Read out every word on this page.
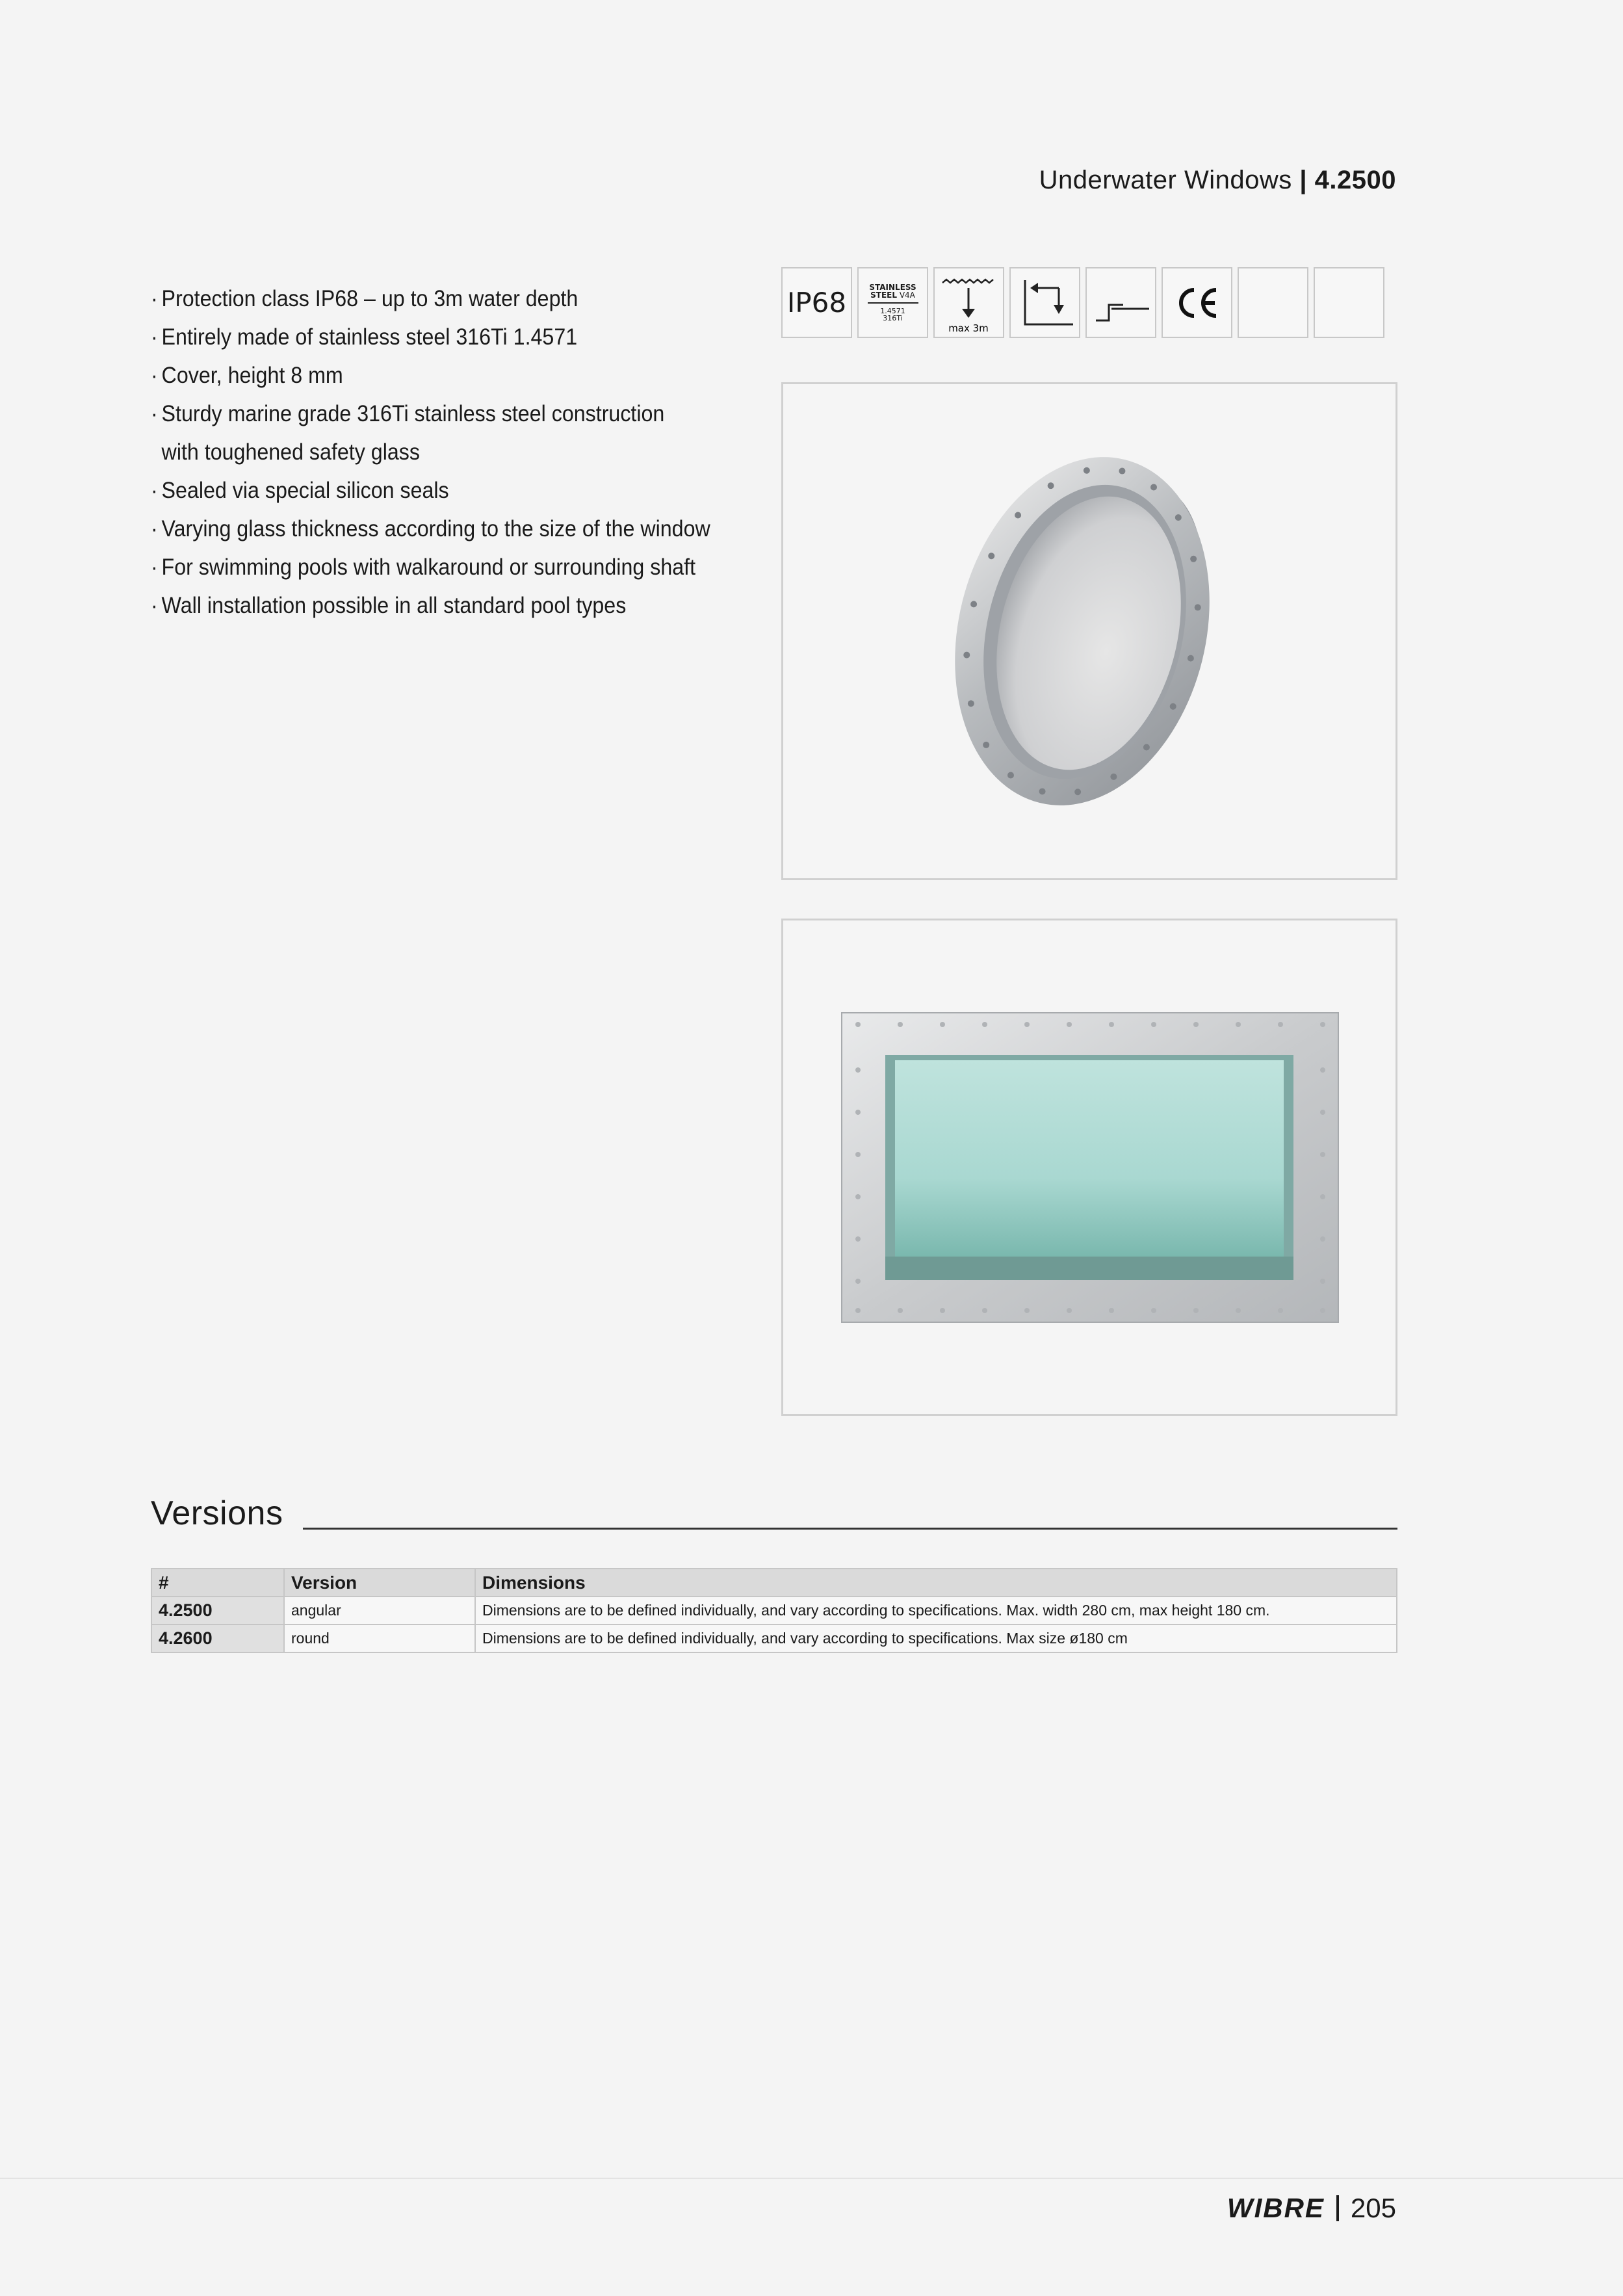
Underwater Windows | 4.2500
· Protection class IP68 – up to 3m water depth
· Entirely made of stainless steel 316Ti 1.4571
· Cover, height 8 mm
· Sturdy marine grade 316Ti stainless steel construction
with toughened safety glass
· Sealed via special silicon seals
· Varying glass thickness according to the size of the window
· For swimming pools with walkaround or surrounding shaft
· Wall installation possible in all standard pool types
IP68	STAINLESS
STEEL V4A
1.4571
316Ti
max 3m
CE
Versions
#	Version	Dimensions
4.2500	angular	Dimensions are to be defined individually, and vary according to specifications. Max. width 280 cm, max height 180 cm.
4.2600	round	Dimensions are to be defined individually, and vary according to specifications. Max size ø180 cm
WIBRE 205
